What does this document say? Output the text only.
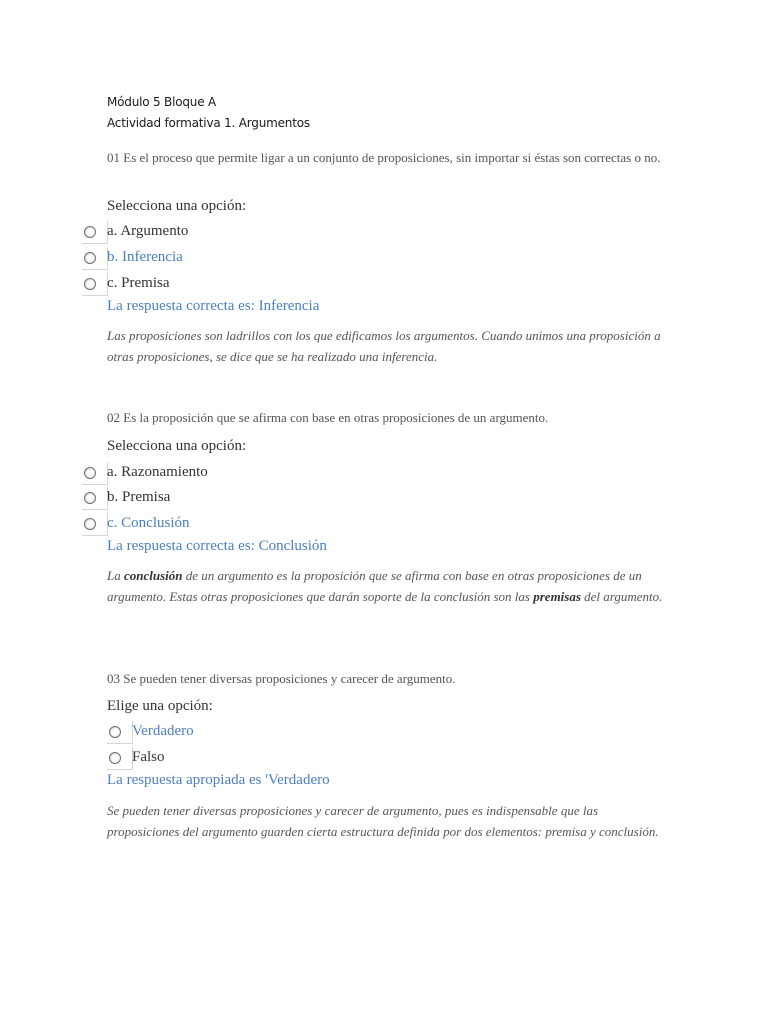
Módulo 5 Bloque A
Actividad formativa 1. Argumentos
01 Es el proceso que permite ligar a un conjunto de proposiciones, sin importar si éstas son correctas o no.
Selecciona una opción:
a. Argumento
b. Inferencia
c. Premisa
La respuesta correcta es: Inferencia
Las proposiciones son ladrillos con los que edificamos los argumentos. Cuando unimos una proposición a otras proposiciones, se dice que se ha realizado una inferencia.
02 Es la proposición que se afirma con base en otras proposiciones de un argumento.
Selecciona una opción:
a. Razonamiento
b. Premisa
c. Conclusión
La respuesta correcta es: Conclusión
La conclusión de un argumento es la proposición que se afirma con base en otras proposiciones de un argumento. Estas otras proposiciones que darán soporte de la conclusión son las premisas del argumento.
03 Se pueden tener diversas proposiciones y carecer de argumento.
Elige una opción:
Verdadero
Falso
La respuesta apropiada es 'Verdadero
Se pueden tener diversas proposiciones y carecer de argumento, pues es indispensable que las proposiciones del argumento guarden cierta estructura definida por dos elementos: premisa y conclusión.
